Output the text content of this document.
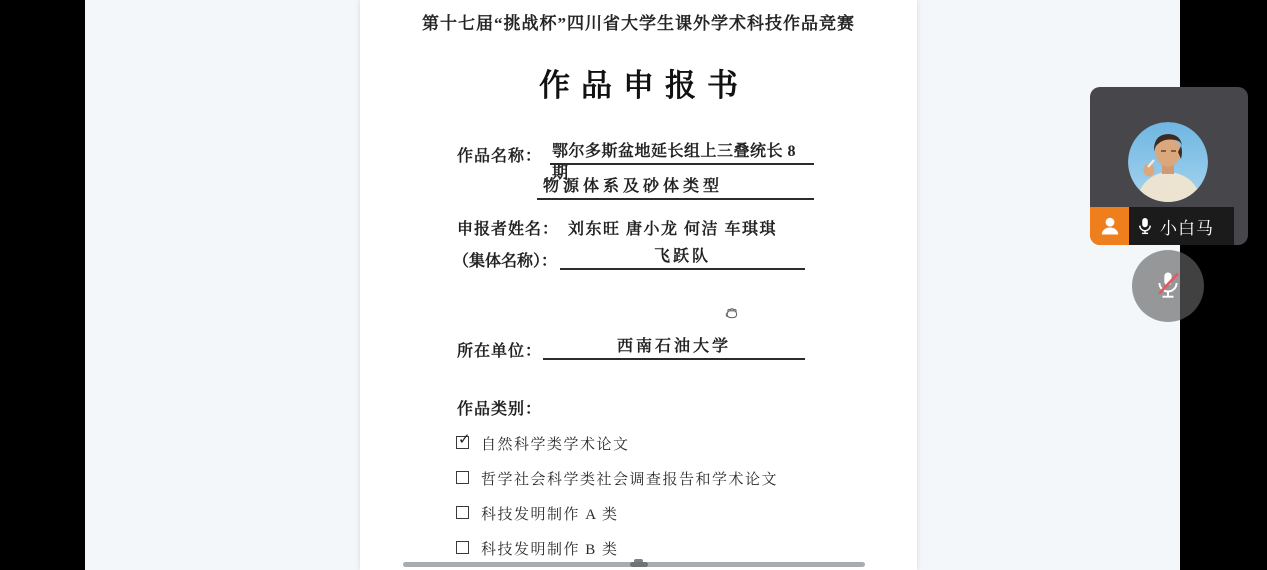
第十七届“挑战杯”四川省大学生课外学术科技作品竞赛
作品申报书
作品名称： 鄂尔多斯盆地延长组上三叠统长 8 期
物源体系及砂体类型
申报者姓名： 刘东旺 唐小龙 何洁 车琪琪
（集体名称）：	飞跃队
所在单位：	西南石油大学
作品类别：
✓ 自然科学类学术论文
哲学社会科学类社会调查报告和学术论文
科技发明制作 A 类
科技发明制作 B 类
小白马
